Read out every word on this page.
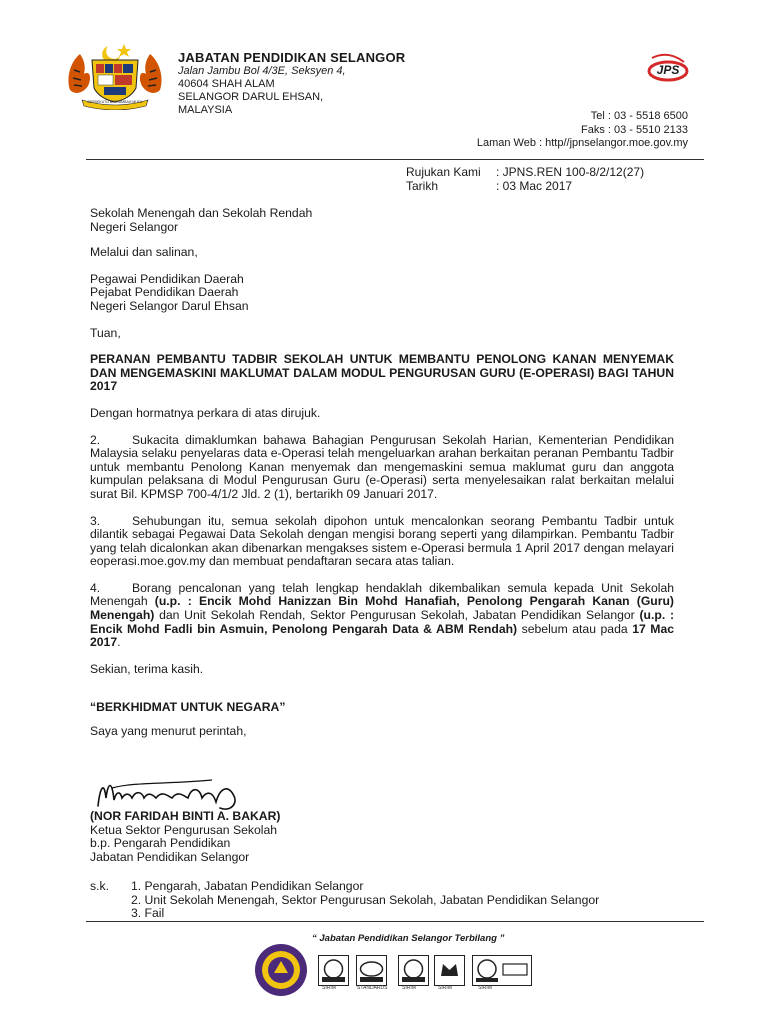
BERSEKUTU BERTAMBAH MUTU
JABATAN PENDIDIKAN SELANGOR
Jalan Jambu Bol 4/3E, Seksyen 4,
40604 SHAH ALAM
SELANGOR DARUL EHSAN,
MALAYSIA
JPS
Tel : 03 - 5518 6500
Faks : 03 - 5510 2133
Laman Web : http//jpnselangor.moe.gov.my
Rujukan Kami : JPNS.REN 100-8/2/12(27)
Tarikh	: 03 Mac 2017
Sekolah Menengah dan Sekolah Rendah
Negeri Selangor
Melalui dan salinan,
Pegawai Pendidikan Daerah
Pejabat Pendidikan Daerah
Negeri Selangor Darul Ehsan
Tuan,
PERANAN PEMBANTU TADBIR SEKOLAH UNTUK MEMBANTU PENOLONG KANAN MENYEMAK DAN MENGEMASKINI MAKLUMAT DALAM MODUL PENGURUSAN GURU (E-OPERASI) BAGI TAHUN 2017
Dengan hormatnya perkara di atas dirujuk.
2.	Sukacita dimaklumkan bahawa Bahagian Pengurusan Sekolah Harian, Kementerian Pendidikan Malaysia selaku penyelaras data e-Operasi telah mengeluarkan arahan berkaitan peranan Pembantu Tadbir untuk membantu Penolong Kanan menyemak dan mengemaskini semua maklumat guru dan anggota kumpulan pelaksana di Modul Pengurusan Guru (e-Operasi) serta menyelesaikan ralat berkaitan melalui surat Bil. KPMSP 700-4/1/2 Jld. 2 (1), bertarikh 09 Januari 2017.
3.	Sehubungan itu, semua sekolah dipohon untuk mencalonkan seorang Pembantu Tadbir untuk dilantik sebagai Pegawai Data Sekolah dengan mengisi borang seperti yang dilampirkan. Pembantu Tadbir yang telah dicalonkan akan dibenarkan mengakses sistem e-Operasi bermula 1 April 2017 dengan melayari eoperasi.moe.gov.my dan membuat pendaftaran secara atas talian.
4.	Borang pencalonan yang telah lengkap hendaklah dikembalikan semula kepada Unit Sekolah Menengah (u.p. : Encik Mohd Hanizzan Bin Mohd Hanafiah, Penolong Pengarah Kanan (Guru) Menengah) dan Unit Sekolah Rendah, Sektor Pengurusan Sekolah, Jabatan Pendidikan Selangor (u.p. : Encik Mohd Fadli bin Asmuin, Penolong Pengarah Data & ABM Rendah) sebelum atau pada 17 Mac 2017.
Sekian, terima kasih.
“BERKHIDMAT UNTUK NEGARA”
Saya yang menurut perintah,
(NOR FARIDAH BINTI A. BAKAR)
Ketua Sektor Pengurusan Sekolah
b.p. Pengarah Pendidikan
Jabatan Pendidikan Selangor
s.k. 1. Pengarah, Jabatan Pendidikan Selangor
2. Unit Sekolah Menengah, Sektor Pengurusan Sekolah, Jabatan Pendidikan Selangor
3. Fail
“ Jabatan Pendidikan Selangor Terbilang ”
SIRIM	STANDARDS	SIRIM	SIRIM	SIRIM
